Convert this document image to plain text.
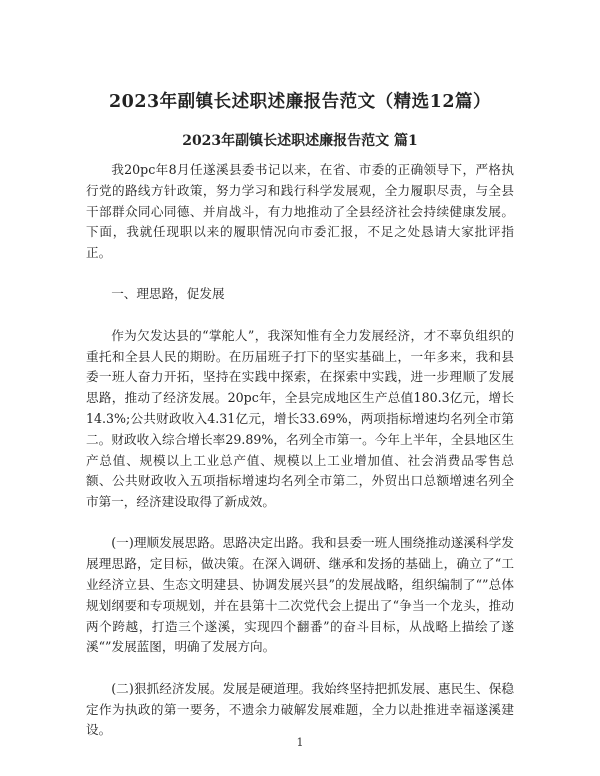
2023年副镇长述职述廉报告范文（精选12篇）
2023年副镇长述职述廉报告范文 篇1

我20pc年8月任遂溪县委书记以来，在省、市委的正确领导下，严格执行党的路线方针政策，努力学习和践行科学发展观，全力履职尽责，与全县干部群众同心同德、并肩战斗，有力地推动了全县经济社会持续健康发展。下面，我就任现职以来的履职情况向市委汇报，不足之处恳请大家批评指正。

一、理思路，促发展

作为欠发达县的“掌舵人”，我深知惟有全力发展经济，才不辜负组织的重托和全县人民的期盼。在历届班子打下的坚实基础上，一年多来，我和县委一班人奋力开拓，坚持在实践中探索，在探索中实践，进一步理顺了发展思路，推动了经济发展。20pc年，全县完成地区生产总值180.3亿元，增长14.3%;公共财政收入4.31亿元，增长33.69%，两项指标增速均名列全市第二。财政收入综合增长率29.89%，名列全市第一。今年上半年，全县地区生产总值、规模以上工业总产值、规模以上工业增加值、社会消费品零售总额、公共财政收入五项指标增速均名列全市第二，外贸出口总额增速名列全市第一，经济建设取得了新成效。

(一)理顺发展思路。思路决定出路。我和县委一班人围绕推动遂溪科学发展理思路，定目标，做决策。在深入调研、继承和发扬的基础上，确立了“工业经济立县、生态文明建县、协调发展兴县”的发展战略，组织编制了“”总体规划纲要和专项规划，并在县第十二次党代会上提出了“争当一个龙头，推动两个跨越，打造三个遂溪，实现四个翻番”的奋斗目标，从战略上描绘了遂溪“”发展蓝图，明确了发展方向。

(二)狠抓经济发展。发展是硬道理。我始终坚持把抓发展、惠民生、保稳定作为执政的第一要务，不遗余力破解发展难题，全力以赴推进幸福遂溪建设。

1
